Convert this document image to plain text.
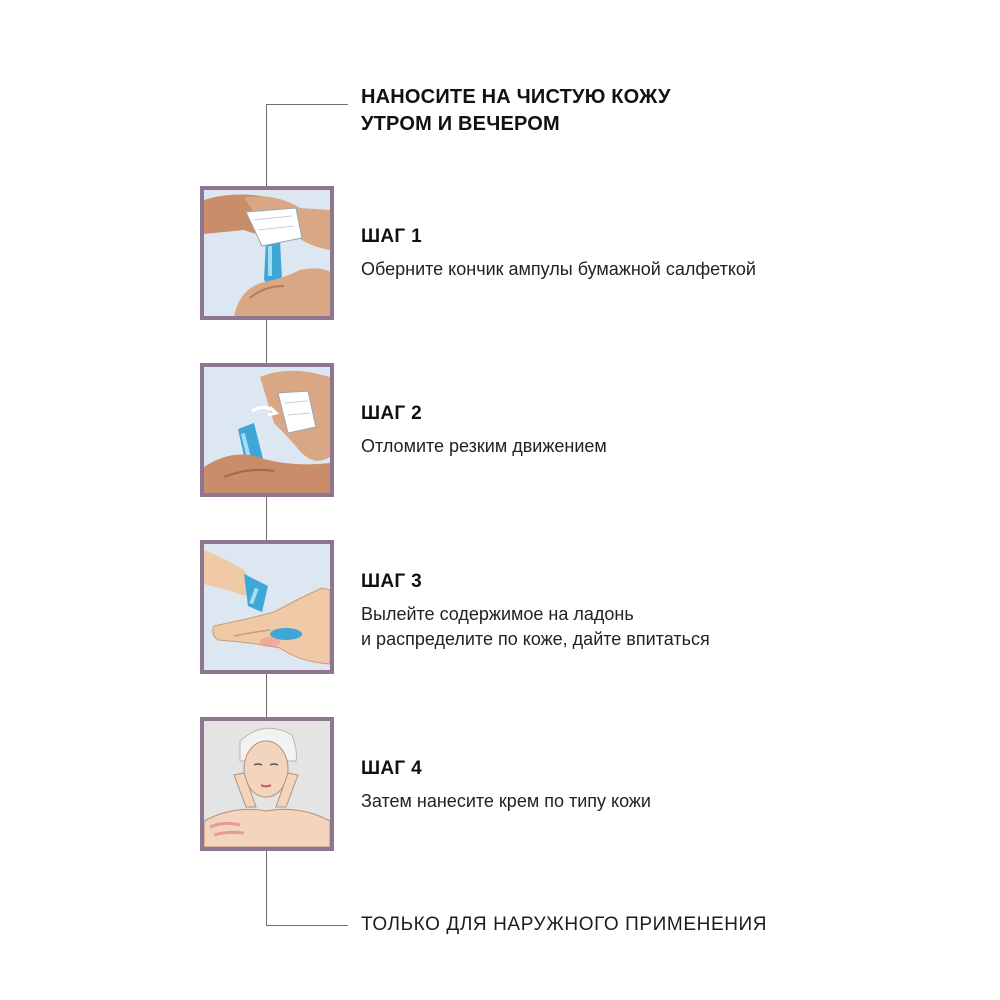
НАНОСИТЕ НА ЧИСТУЮ КОЖУ
УТРОМ И ВЕЧЕРОМ
ШАГ 1
Оберните кончик ампулы бумажной салфеткой
ШАГ 2
Отломите резким движением
ШАГ 3
Вылейте содержимое на ладонь
и распределите по коже, дайте впитаться
ШАГ 4
Затем нанесите крем по типу кожи
ТОЛЬКО ДЛЯ НАРУЖНОГО ПРИМЕНЕНИЯ
